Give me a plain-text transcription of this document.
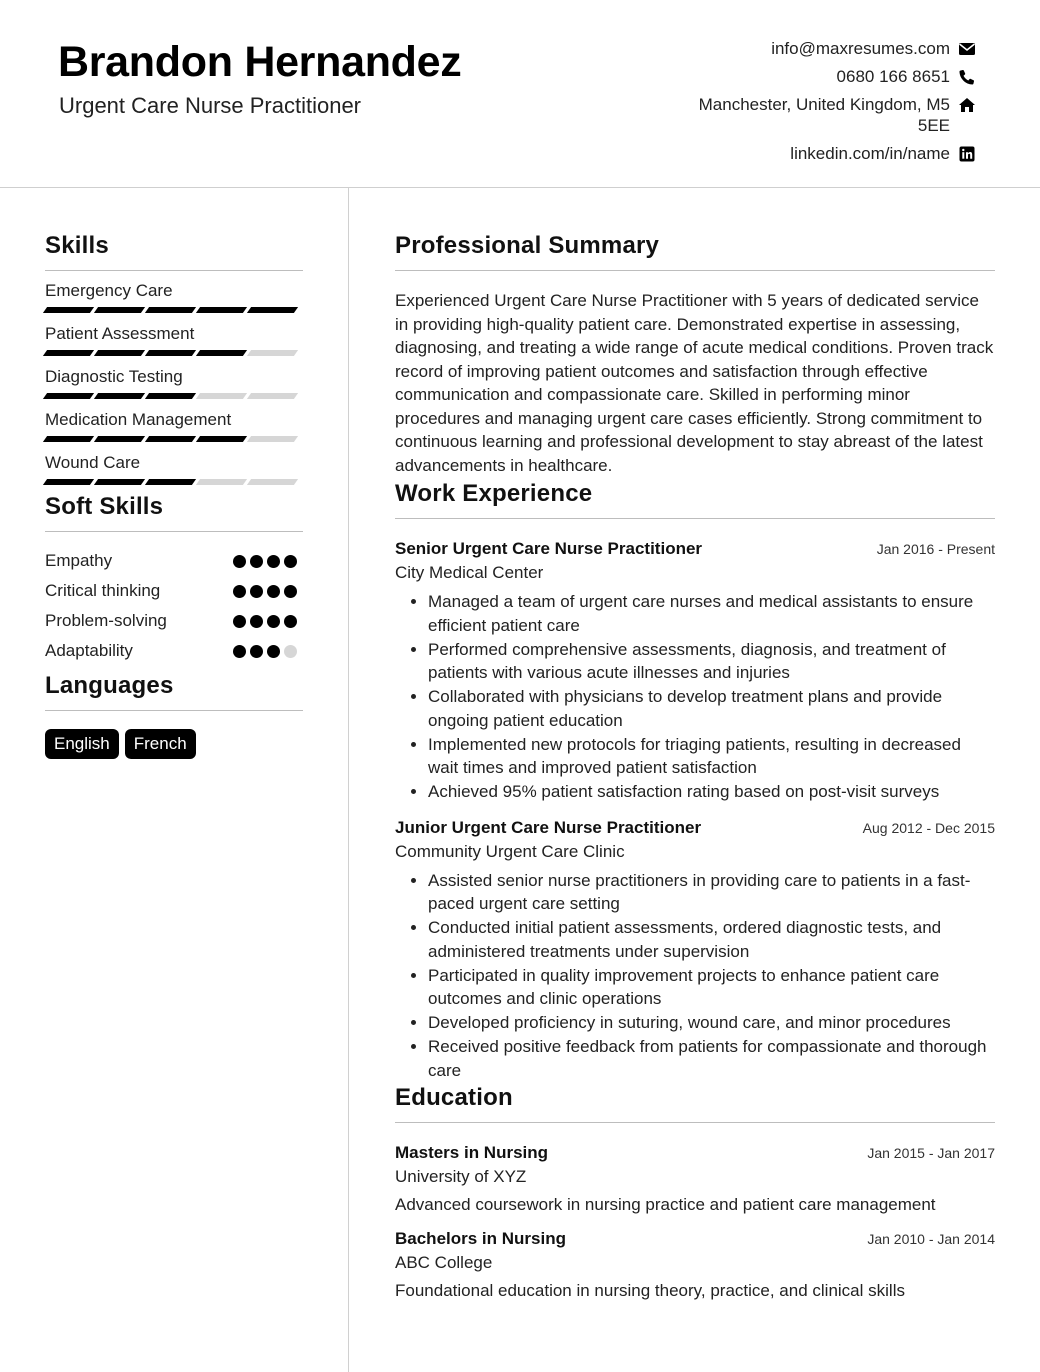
Brandon Hernandez
Urgent Care Nurse Practitioner
info@maxresumes.com
0680 166 8651
Manchester, United Kingdom, M5 5EE
linkedin.com/in/name
Skills
Emergency Care
Patient Assessment
Diagnostic Testing
Medication Management
Wound Care
Soft Skills
Empathy
Critical thinking
Problem-solving
Adaptability
Languages
English	French
Professional Summary

Experienced Urgent Care Nurse Practitioner with 5 years of dedicated service in providing high-quality patient care. Demonstrated expertise in assessing, diagnosing, and treating a wide range of acute medical conditions. Proven track record of improving patient outcomes and satisfaction through effective communication and compassionate care. Skilled in performing minor procedures and managing urgent care cases efficiently. Strong commitment to continuous learning and professional development to stay abreast of the latest advancements in healthcare.

Work Experience
Senior Urgent Care Nurse Practitioner	Jan 2016 - Present
City Medical Center
• Managed a team of urgent care nurses and medical assistants to ensure efficient patient care
• Performed comprehensive assessments, diagnosis, and treatment of patients with various acute illnesses and injuries
• Collaborated with physicians to develop treatment plans and provide ongoing patient education
• Implemented new protocols for triaging patients, resulting in decreased wait times and improved patient satisfaction
• Achieved 95% patient satisfaction rating based on post-visit surveys
Junior Urgent Care Nurse Practitioner	Aug 2012 - Dec 2015
Community Urgent Care Clinic
• Assisted senior nurse practitioners in providing care to patients in a fast-paced urgent care setting
• Conducted initial patient assessments, ordered diagnostic tests, and administered treatments under supervision
• Participated in quality improvement projects to enhance patient care outcomes and clinic operations
• Developed proficiency in suturing, wound care, and minor procedures
• Received positive feedback from patients for compassionate and thorough care
Education
Masters in Nursing	Jan 2015 - Jan 2017
University of XYZ
Advanced coursework in nursing practice and patient care management
Bachelors in Nursing	Jan 2010 - Jan 2014
ABC College
Foundational education in nursing theory, practice, and clinical skills
